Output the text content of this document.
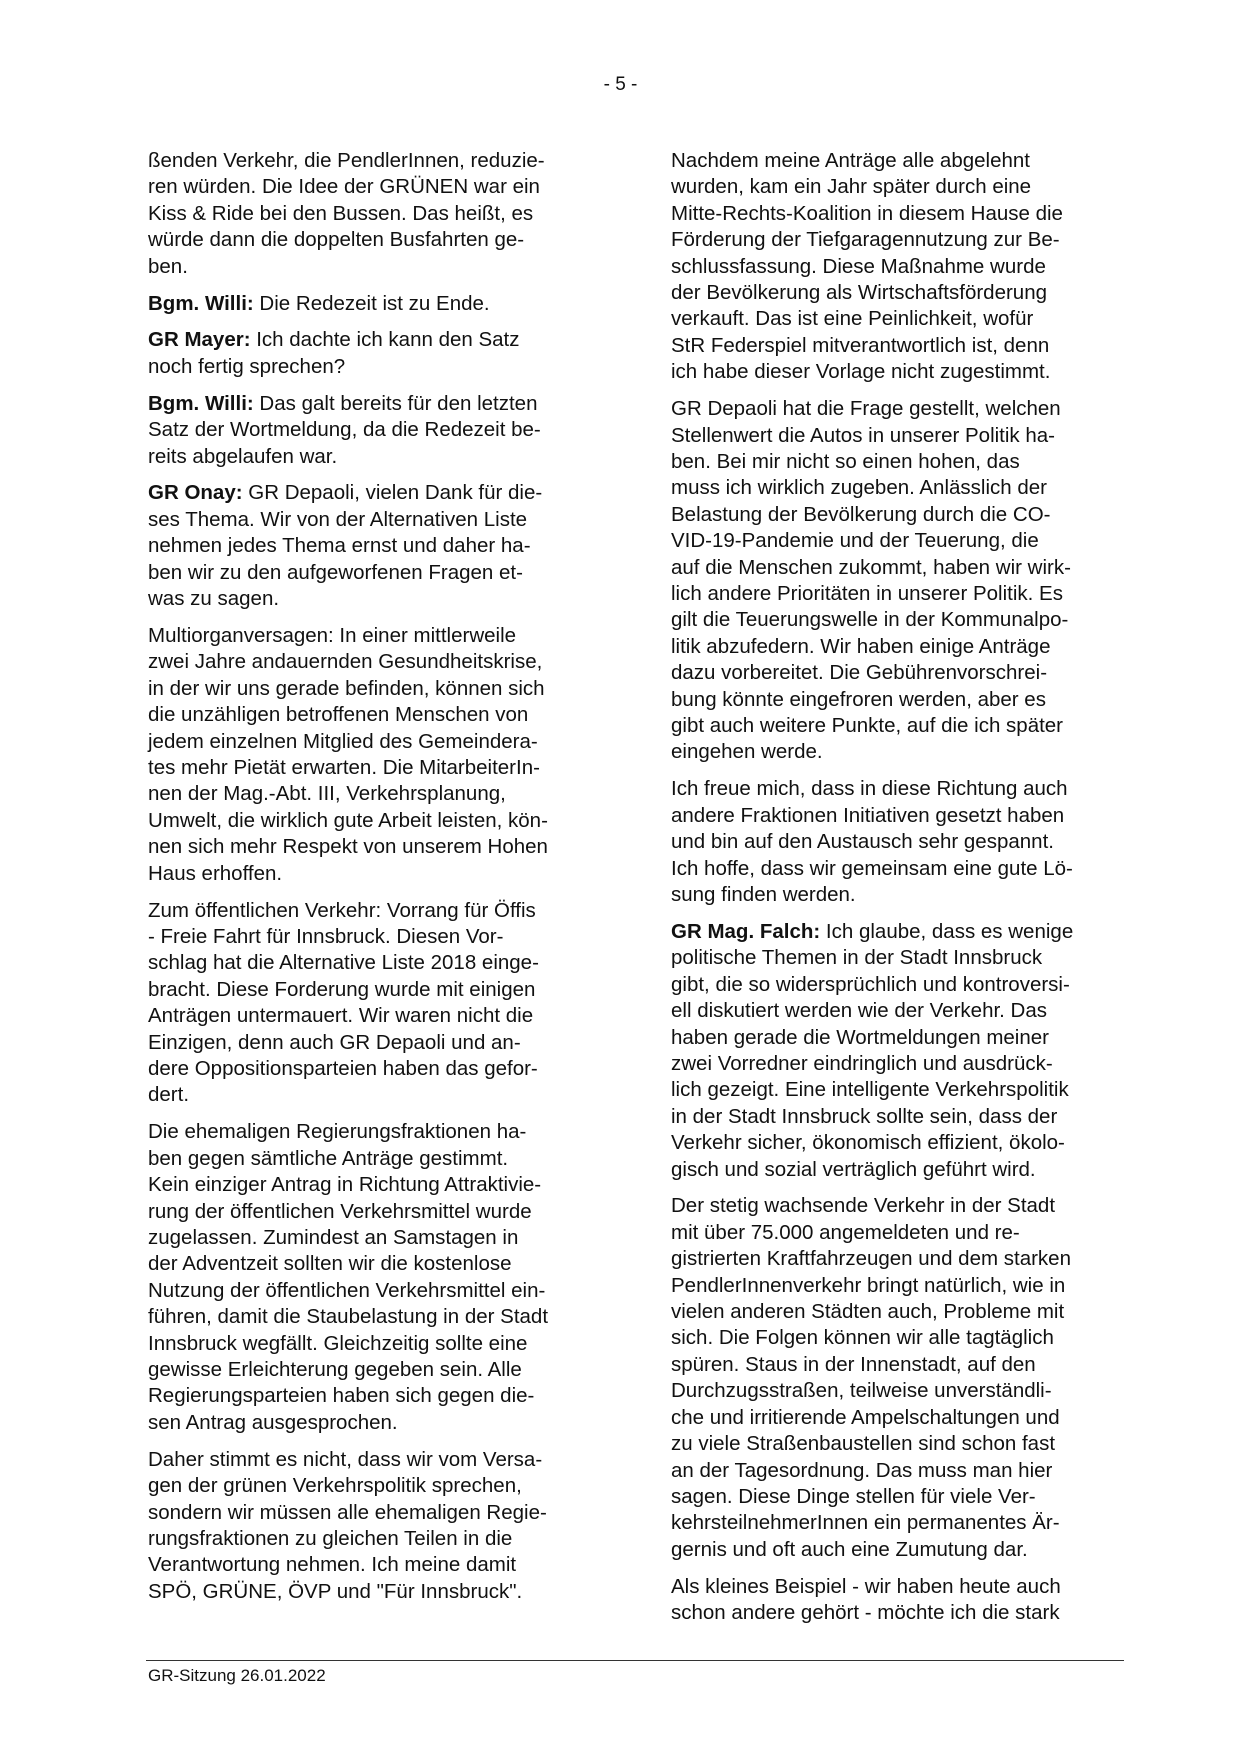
- 5 -

ßenden Verkehr, die PendlerInnen, reduzie-
ren würden. Die Idee der GRÜNEN war ein
Kiss & Ride bei den Bussen. Das heißt, es
würde dann die doppelten Busfahrten ge-
ben.

Bgm. Willi: Die Redezeit ist zu Ende.

GR Mayer: Ich dachte ich kann den Satz
noch fertig sprechen?

Bgm. Willi: Das galt bereits für den letzten
Satz der Wortmeldung, da die Redezeit be-
reits abgelaufen war.

GR Onay: GR Depaoli, vielen Dank für die-
ses Thema. Wir von der Alternativen Liste
nehmen jedes Thema ernst und daher ha-
ben wir zu den aufgeworfenen Fragen et-
was zu sagen.

Multiorganversagen: In einer mittlerweile
zwei Jahre andauernden Gesundheitskrise,
in der wir uns gerade befinden, können sich
die unzähligen betroffenen Menschen von
jedem einzelnen Mitglied des Gemeindera-
tes mehr Pietät erwarten. Die MitarbeiterIn-
nen der Mag.-Abt. III, Verkehrsplanung,
Umwelt, die wirklich gute Arbeit leisten, kön-
nen sich mehr Respekt von unserem Hohen
Haus erhoffen.

Zum öffentlichen Verkehr: Vorrang für Öffis
- Freie Fahrt für Innsbruck. Diesen Vor-
schlag hat die Alternative Liste 2018 einge-
bracht. Diese Forderung wurde mit einigen
Anträgen untermauert. Wir waren nicht die
Einzigen, denn auch GR Depaoli und an-
dere Oppositionsparteien haben das gefor-
dert.

Die ehemaligen Regierungsfraktionen ha-
ben gegen sämtliche Anträge gestimmt.
Kein einziger Antrag in Richtung Attraktivie-
rung der öffentlichen Verkehrsmittel wurde
zugelassen. Zumindest an Samstagen in
der Adventzeit sollten wir die kostenlose
Nutzung der öffentlichen Verkehrsmittel ein-
führen, damit die Staubelastung in der Stadt
Innsbruck wegfällt. Gleichzeitig sollte eine
gewisse Erleichterung gegeben sein. Alle
Regierungsparteien haben sich gegen die-
sen Antrag ausgesprochen.

Daher stimmt es nicht, dass wir vom Versa-
gen der grünen Verkehrspolitik sprechen,
sondern wir müssen alle ehemaligen Regie-
rungsfraktionen zu gleichen Teilen in die
Verantwortung nehmen. Ich meine damit
SPÖ, GRÜNE, ÖVP und "Für Innsbruck".

Nachdem meine Anträge alle abgelehnt
wurden, kam ein Jahr später durch eine
Mitte-Rechts-Koalition in diesem Hause die
Förderung der Tiefgaragennutzung zur Be-
schlussfassung. Diese Maßnahme wurde
der Bevölkerung als Wirtschaftsförderung
verkauft. Das ist eine Peinlichkeit, wofür
StR Federspiel mitverantwortlich ist, denn
ich habe dieser Vorlage nicht zugestimmt.

GR Depaoli hat die Frage gestellt, welchen
Stellenwert die Autos in unserer Politik ha-
ben. Bei mir nicht so einen hohen, das
muss ich wirklich zugeben. Anlässlich der
Belastung der Bevölkerung durch die CO-
VID-19-Pandemie und der Teuerung, die
auf die Menschen zukommt, haben wir wirk-
lich andere Prioritäten in unserer Politik. Es
gilt die Teuerungswelle in der Kommunalpo-
litik abzufedern. Wir haben einige Anträge
dazu vorbereitet. Die Gebührenvorschrei-
bung könnte eingefroren werden, aber es
gibt auch weitere Punkte, auf die ich später
eingehen werde.

Ich freue mich, dass in diese Richtung auch
andere Fraktionen Initiativen gesetzt haben
und bin auf den Austausch sehr gespannt.
Ich hoffe, dass wir gemeinsam eine gute Lö-
sung finden werden.

GR Mag. Falch: Ich glaube, dass es wenige
politische Themen in der Stadt Innsbruck
gibt, die so widersprüchlich und kontroversi-
ell diskutiert werden wie der Verkehr. Das
haben gerade die Wortmeldungen meiner
zwei Vorredner eindringlich und ausdrück-
lich gezeigt. Eine intelligente Verkehrspolitik
in der Stadt Innsbruck sollte sein, dass der
Verkehr sicher, ökonomisch effizient, ökolo-
gisch und sozial verträglich geführt wird.

Der stetig wachsende Verkehr in der Stadt
mit über 75.000 angemeldeten und re-
gistrierten Kraftfahrzeugen und dem starken
PendlerInnenverkehr bringt natürlich, wie in
vielen anderen Städten auch, Probleme mit
sich. Die Folgen können wir alle tagtäglich
spüren. Staus in der Innenstadt, auf den
Durchzugsstraßen, teilweise unverständli-
che und irritierende Ampelschaltungen und
zu viele Straßenbaustellen sind schon fast
an der Tagesordnung. Das muss man hier
sagen. Diese Dinge stellen für viele Ver-
kehrsteilnehmerInnen ein permanentes Är-
gernis und oft auch eine Zumutung dar.

Als kleines Beispiel - wir haben heute auch
schon andere gehört - möchte ich die stark

GR-Sitzung 26.01.2022
